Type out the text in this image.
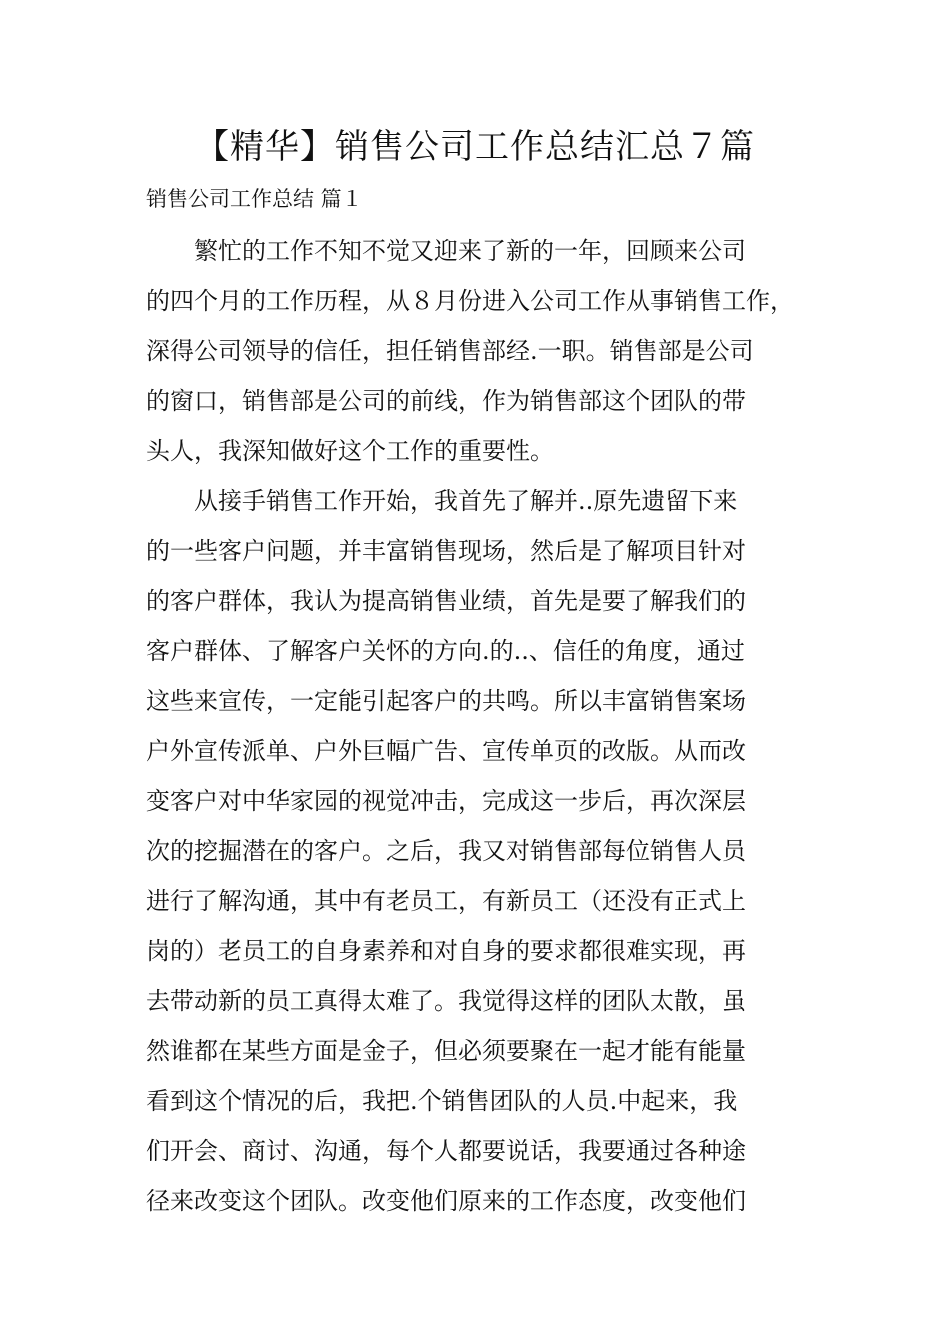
【精华】销售公司工作总结汇总７篇

销售公司工作总结 篇１

繁忙的工作不知不觉又迎来了新的一年，回顾来公司
的四个月的工作历程，从８月份进入公司工作从事销售工作，
深得公司领导的信任，担任销售部经.一职。销售部是公司
的窗口，销售部是公司的前线，作为销售部这个团队的带
头人，我深知做好这个工作的重要性。
从接手销售工作开始，我首先了解并..原先遗留下来
的一些客户问题，并丰富销售现场，然后是了解项目针对
的客户群体，我认为提高销售业绩，首先是要了解我们的
客户群体、了解客户关怀的方向.的..、信任的角度，通过
这些来宣传，一定能引起客户的共鸣。所以丰富销售案场
户外宣传派单、户外巨幅广告、宣传单页的改版。从而改
变客户对中华家园的视觉冲击，完成这一步后，再次深层
次的挖掘潜在的客户。之后，我又对销售部每位销售人员
进行了解沟通，其中有老员工，有新员工（还没有正式上
岗的）老员工的自身素养和对自身的要求都很难实现，再
去带动新的员工真得太难了。我觉得这样的团队太散，虽
然谁都在某些方面是金子，但必须要聚在一起才能有能量
看到这个情况的后，我把.个销售团队的人员.中起来，我
们开会、商讨、沟通，每个人都要说话，我要通过各种途
径来改变这个团队。改变他们原来的工作态度，改变他们
